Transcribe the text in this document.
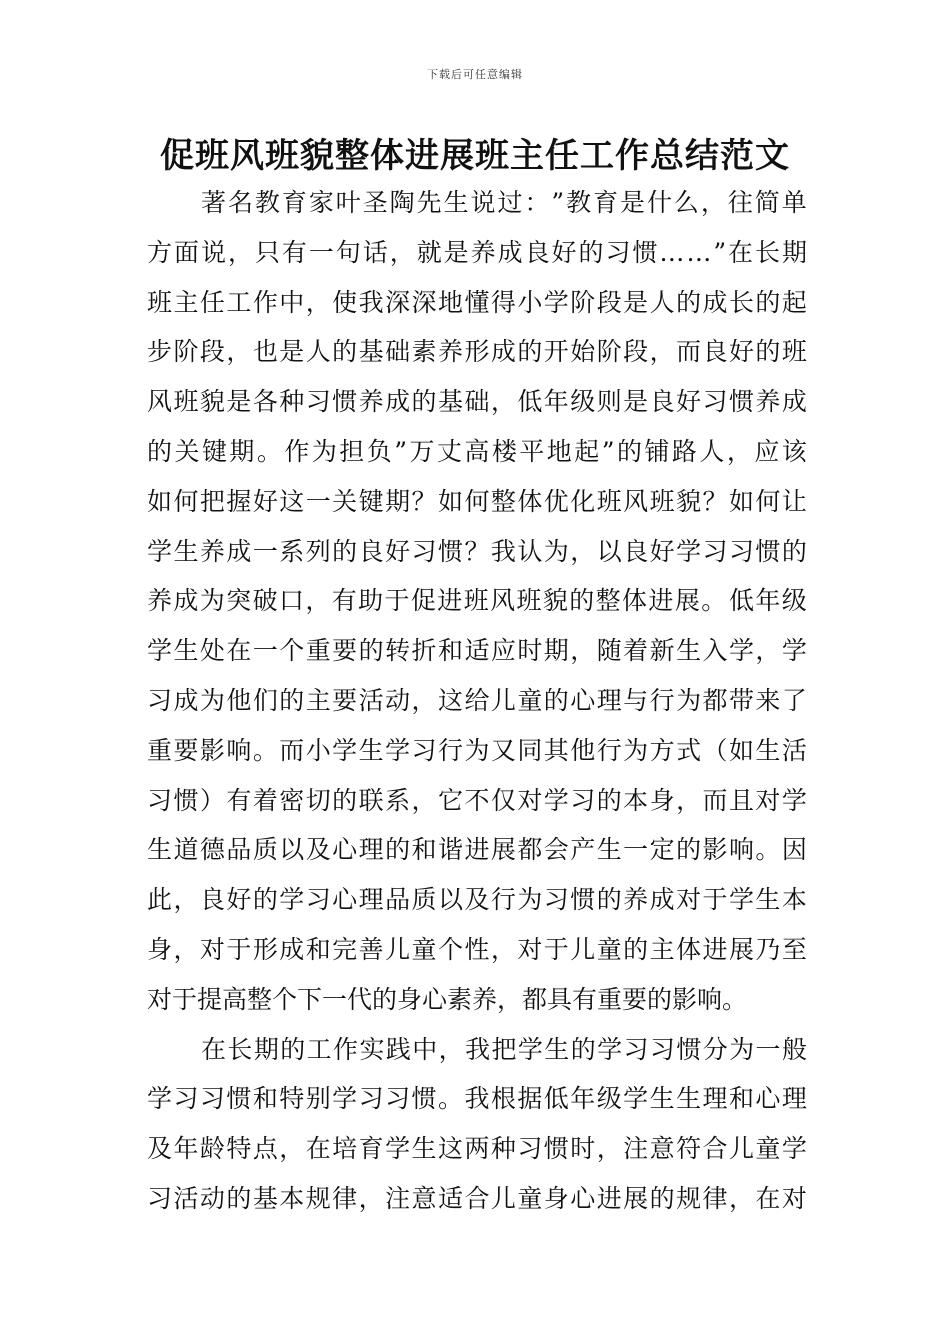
下载后可任意编辑
促班风班貌整体进展班主任工作总结范文
著 名 教 育 家 叶 圣 陶 先 生 说 过 ： ” 教 育 是 什 么 ， 往 简 单
方 面 说 ， 只 有 一 句 话 ， 就 是 养 成 良 好 的 习 惯 … … ” 在 长 期
班 主 任 工 作 中 ， 使 我 深 深 地 懂 得 小 学 阶 段 是 人 的 成 长 的 起
步 阶 段 ， 也 是 人 的 基 础 素 养 形 成 的 开 始 阶 段 ， 而 良 好 的 班
风 班 貌 是 各 种 习 惯 养 成 的 基 础 ， 低 年 级 则 是 良 好 习 惯 养 成
的 关 键 期 。 作 为 担 负 ” 万 丈 高 楼 平 地 起 ” 的 铺 路 人 ， 应 该
如 何 把 握 好 这 一 关 键 期 ？ 如 何 整 体 优 化 班 风 班 貌 ？ 如 何 让
学 生 养 成 一 系 列 的 良 好 习 惯 ？ 我 认 为 ， 以 良 好 学 习 习 惯 的
养 成 为 突 破 口 ， 有 助 于 促 进 班 风 班 貌 的 整 体 进 展 。 低 年 级
学 生 处 在 一 个 重 要 的 转 折 和 适 应 时 期 ， 随 着 新 生 入 学 ， 学
习 成 为 他 们 的 主 要 活 动 ， 这 给 儿 童 的 心 理 与 行 为 都 带 来 了
重 要 影 响 。 而 小 学 生 学 习 行 为 又 同 其 他 行 为 方 式 （ 如 生 活
习 惯 ） 有 着 密 切 的 联 系 ， 它 不 仅 对 学 习 的 本 身 ， 而 且 对 学
生 道 德 品 质 以 及 心 理 的 和 谐 进 展 都 会 产 生 一 定 的 影 响 。 因
此 ， 良 好 的 学 习 心 理 品 质 以 及 行 为 习 惯 的 养 成 对 于 学 生 本
身 ， 对 于 形 成 和 完 善 儿 童 个 性 ， 对 于 儿 童 的 主 体 进 展 乃 至
对于提高整个下一代的身心素养，都具有重要的影响。
在 长 期 的 工 作 实 践 中 ， 我 把 学 生 的 学 习 习 惯 分 为 一 般
学 习 习 惯 和 特 别 学 习 习 惯 。 我 根 据 低 年 级 学 生 生 理 和 心 理
及 年 龄 特 点 ， 在 培 育 学 生 这 两 种 习 惯 时 ， 注 意 符 合 儿 童 学
习 活 动 的 基 本 规 律 ， 注 意 适 合 儿 童 身 心 进 展 的 规 律 ， 在 对
